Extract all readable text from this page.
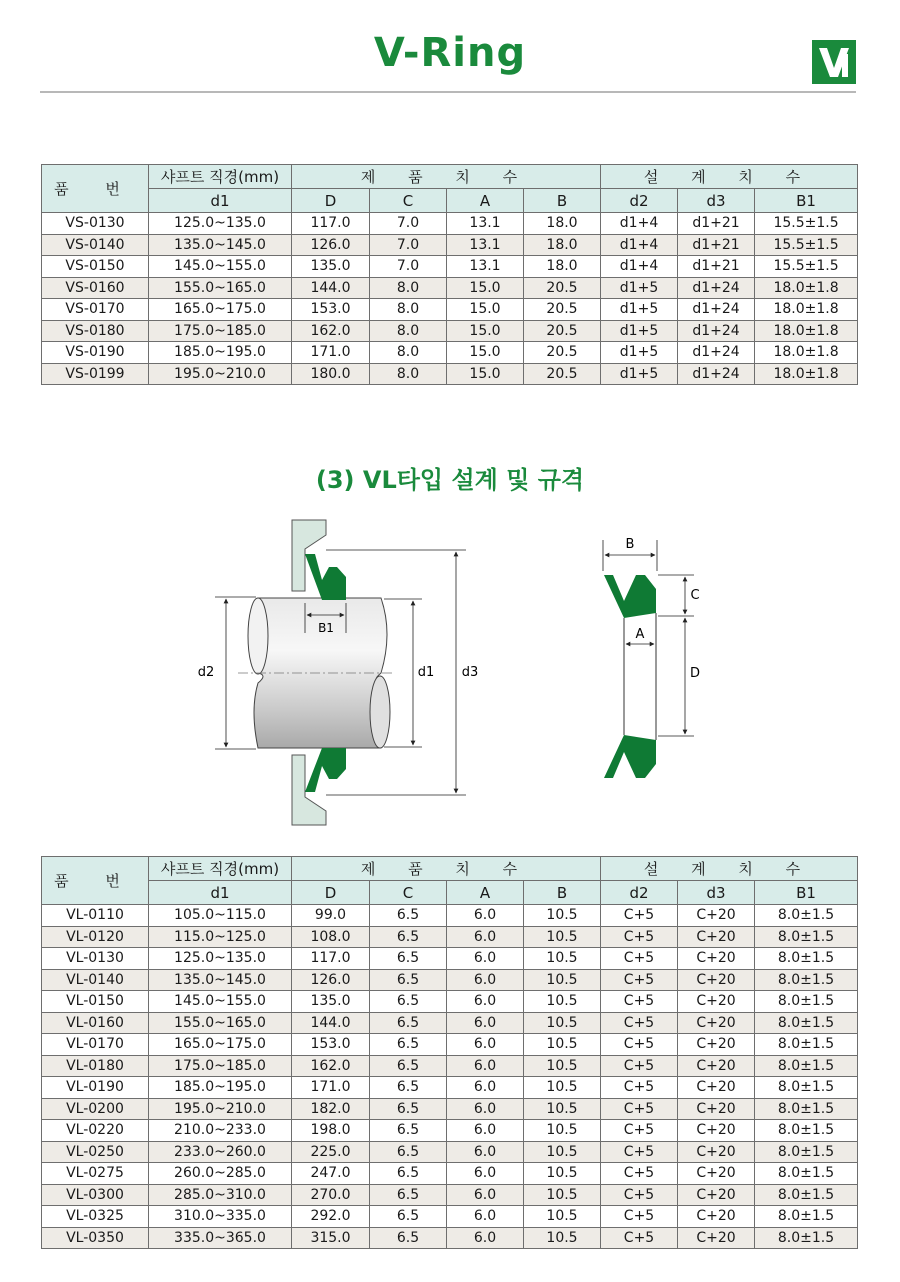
V-Ring
품 번	샤프트 직경(mm)	제 품 치 수				설 계 치 수		
	d1	D	C	A	B	d2	d3	B1
VS-0130	125.0~135.0	117.0	7.0	13.1	18.0	d1+4	d1+21	15.5±1.5
VS-0140	135.0~145.0	126.0	7.0	13.1	18.0	d1+4	d1+21	15.5±1.5
VS-0150	145.0~155.0	135.0	7.0	13.1	18.0	d1+4	d1+21	15.5±1.5
VS-0160	155.0~165.0	144.0	8.0	15.0	20.5	d1+5	d1+24	18.0±1.8
VS-0170	165.0~175.0	153.0	8.0	15.0	20.5	d1+5	d1+24	18.0±1.8
VS-0180	175.0~185.0	162.0	8.0	15.0	20.5	d1+5	d1+24	18.0±1.8
VS-0190	185.0~195.0	171.0	8.0	15.0	20.5	d1+5	d1+24	18.0±1.8
VS-0199	195.0~210.0	180.0	8.0	15.0	20.5	d1+5	d1+24	18.0±1.8
(3) VL타입 설계 및 규격
d2	d1 d3
B1
B
C
A
D
품 번	샤프트 직경(mm)	제 품 치 수				설 계 치 수		
	d1	D	C	A	B	d2	d3	B1
VL-0110	105.0~115.0	99.0	6.5	6.0	10.5	C+5	C+20	8.0±1.5
VL-0120	115.0~125.0	108.0	6.5	6.0	10.5	C+5	C+20	8.0±1.5
VL-0130	125.0~135.0	117.0	6.5	6.0	10.5	C+5	C+20	8.0±1.5
VL-0140	135.0~145.0	126.0	6.5	6.0	10.5	C+5	C+20	8.0±1.5
VL-0150	145.0~155.0	135.0	6.5	6.0	10.5	C+5	C+20	8.0±1.5
VL-0160	155.0~165.0	144.0	6.5	6.0	10.5	C+5	C+20	8.0±1.5
VL-0170	165.0~175.0	153.0	6.5	6.0	10.5	C+5	C+20	8.0±1.5
VL-0180	175.0~185.0	162.0	6.5	6.0	10.5	C+5	C+20	8.0±1.5
VL-0190	185.0~195.0	171.0	6.5	6.0	10.5	C+5	C+20	8.0±1.5
VL-0200	195.0~210.0	182.0	6.5	6.0	10.5	C+5	C+20	8.0±1.5
VL-0220	210.0~233.0	198.0	6.5	6.0	10.5	C+5	C+20	8.0±1.5
VL-0250	233.0~260.0	225.0	6.5	6.0	10.5	C+5	C+20	8.0±1.5
VL-0275	260.0~285.0	247.0	6.5	6.0	10.5	C+5	C+20	8.0±1.5
VL-0300	285.0~310.0	270.0	6.5	6.0	10.5	C+5	C+20	8.0±1.5
VL-0325	310.0~335.0	292.0	6.5	6.0	10.5	C+5	C+20	8.0±1.5
VL-0350	335.0~365.0	315.0	6.5	6.0	10.5	C+5	C+20	8.0±1.5
